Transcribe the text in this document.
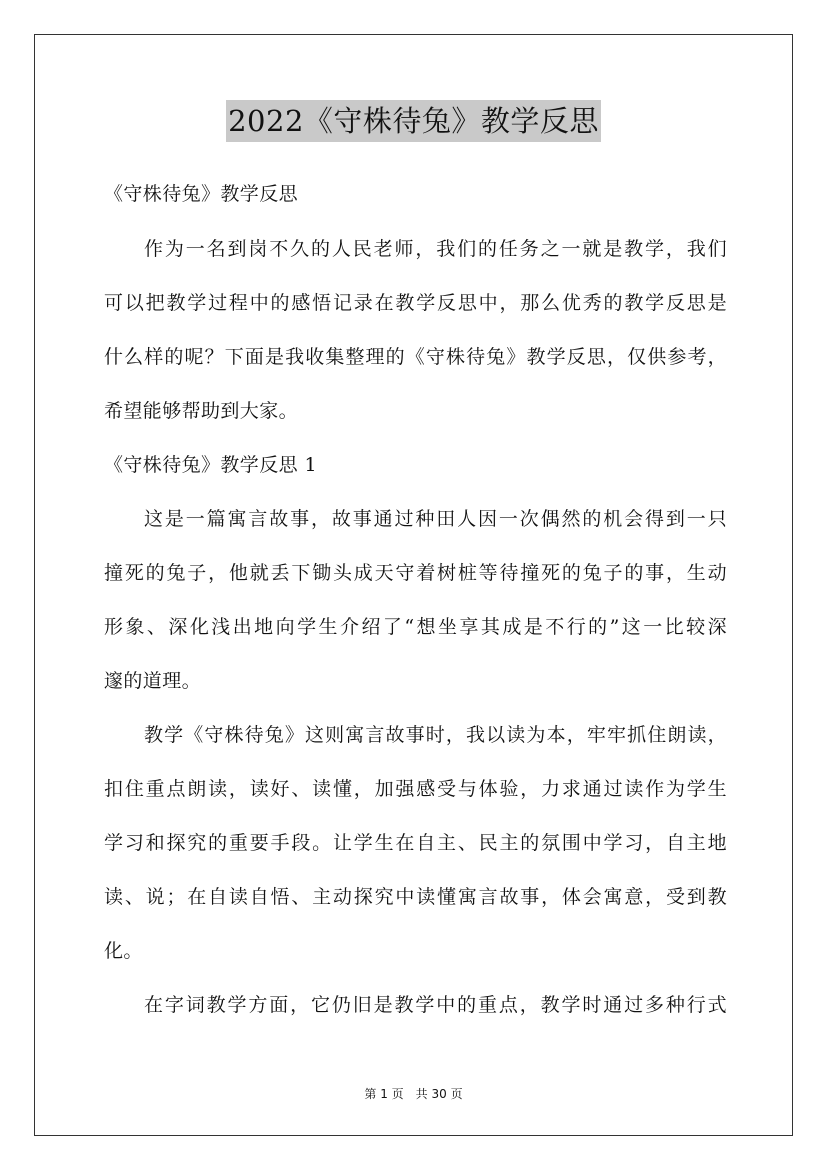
2022《守株待兔》教学反思
《守株待兔》教学反思
作为一名到岗不久的人民老师，我们的任务之一就是教学，我们
可以把教学过程中的感悟记录在教学反思中，那么优秀的教学反思是
什么样的呢？下面是我收集整理的《守株待兔》教学反思，仅供参考，
希望能够帮助到大家。
《守株待兔》教学反思 1
这是一篇寓言故事，故事通过种田人因一次偶然的机会得到一只
撞死的兔子，他就丢下锄头成天守着树桩等待撞死的兔子的事，生动
形象、深化浅出地向学生介绍了“想坐享其成是不行的”这一比较深
邃的道理。
教学《守株待兔》这则寓言故事时，我以读为本，牢牢抓住朗读，
扣住重点朗读，读好、读懂，加强感受与体验，力求通过读作为学生
学习和探究的重要手段。让学生在自主、民主的氛围中学习，自主地
读、说；在自读自悟、主动探究中读懂寓言故事，体会寓意，受到教
化。
在字词教学方面，它仍旧是教学中的重点，教学时通过多种行式
第 1 页　共 30 页
